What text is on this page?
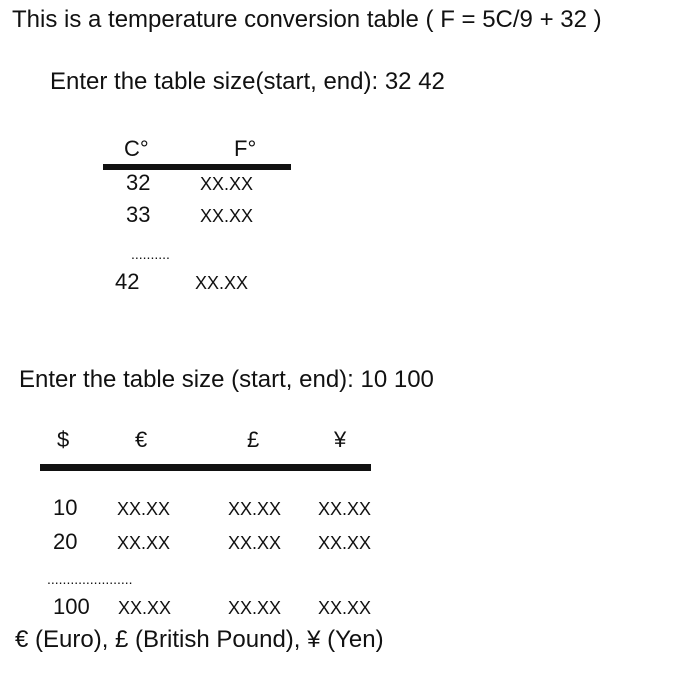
This is a temperature conversion table ( F = 5C/9 + 32 )
Enter the table size(start, end): 32 42
C°	F°
32	XX.XX
33	XX.XX
..........
42	XX.XX
Enter the table size (start, end): 10 100
$	€	£	¥
10 XX.XX	XX.XX XX.XX
20 XX.XX	XX.XX XX.XX
......................
100 XX.XX	XX.XX XX.XX
€ (Euro), £ (British Pound), ¥ (Yen)
